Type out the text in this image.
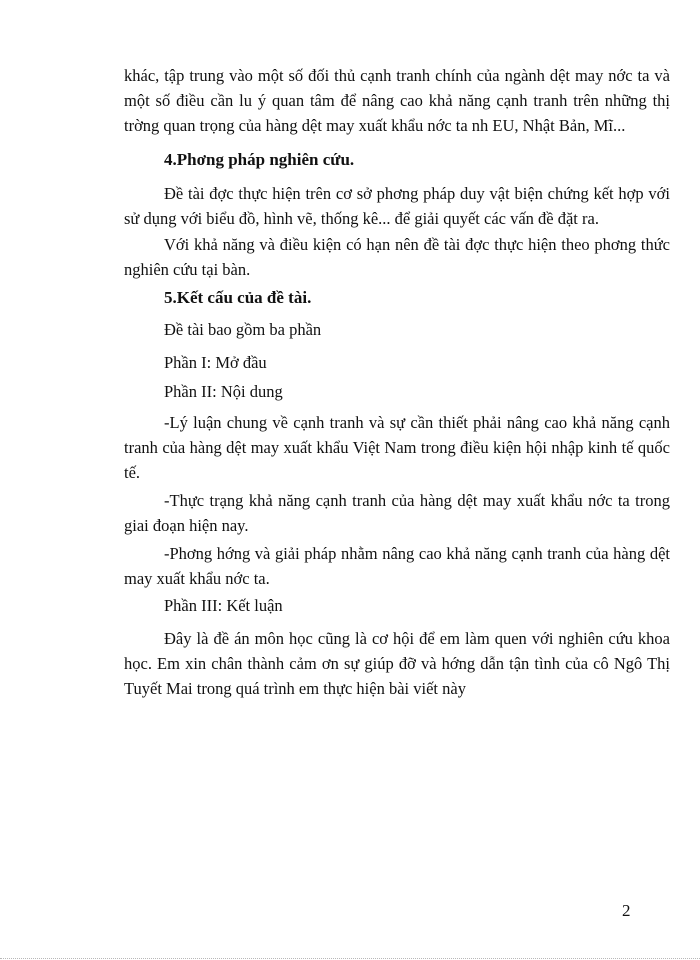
khác, tập trung vào một số đối thủ cạnh tranh chính của ngành dệt may nớc ta và một số điều cần lu ý quan tâm để nâng cao khả năng cạnh tranh trên những thị trờng quan trọng của hàng dệt may xuất khẩu nớc ta nh EU, Nhật Bản, Mĩ...
4.Phơng pháp nghiên cứu.
Đề tài đợc thực hiện trên cơ sở phơng pháp duy vật biện chứng kết hợp với sử dụng với biểu đồ, hình vẽ, thống kê... để giải quyết các vấn đề đặt ra.
Với khả năng và điều kiện có hạn nên đề tài đợc thực hiện theo phơng thức nghiên cứu tại bàn.
5.Kết cấu của đề tài.
Đề tài bao gồm ba phần
Phần I: Mở đầu
Phần II: Nội dung
-Lý luận chung về cạnh tranh và sự cần thiết phải nâng cao khả năng cạnh tranh của hàng dệt may xuất khẩu Việt Nam trong điều kiện hội nhập kinh tế quốc tế.
-Thực trạng khả năng cạnh tranh của hàng dệt may xuất khẩu nớc ta trong giai đoạn hiện nay.
-Phơng hớng và giải pháp nhằm nâng cao khả năng cạnh tranh của hàng dệt may xuất khẩu nớc ta.
Phần III: Kết luận
Đây là đề án môn học cũng là cơ hội để em làm quen với nghiên cứu khoa học. Em xin chân thành cảm ơn sự giúp đỡ và hớng dẫn tận tình của cô Ngô Thị Tuyết Mai trong quá trình em thực hiện bài viết này
2
